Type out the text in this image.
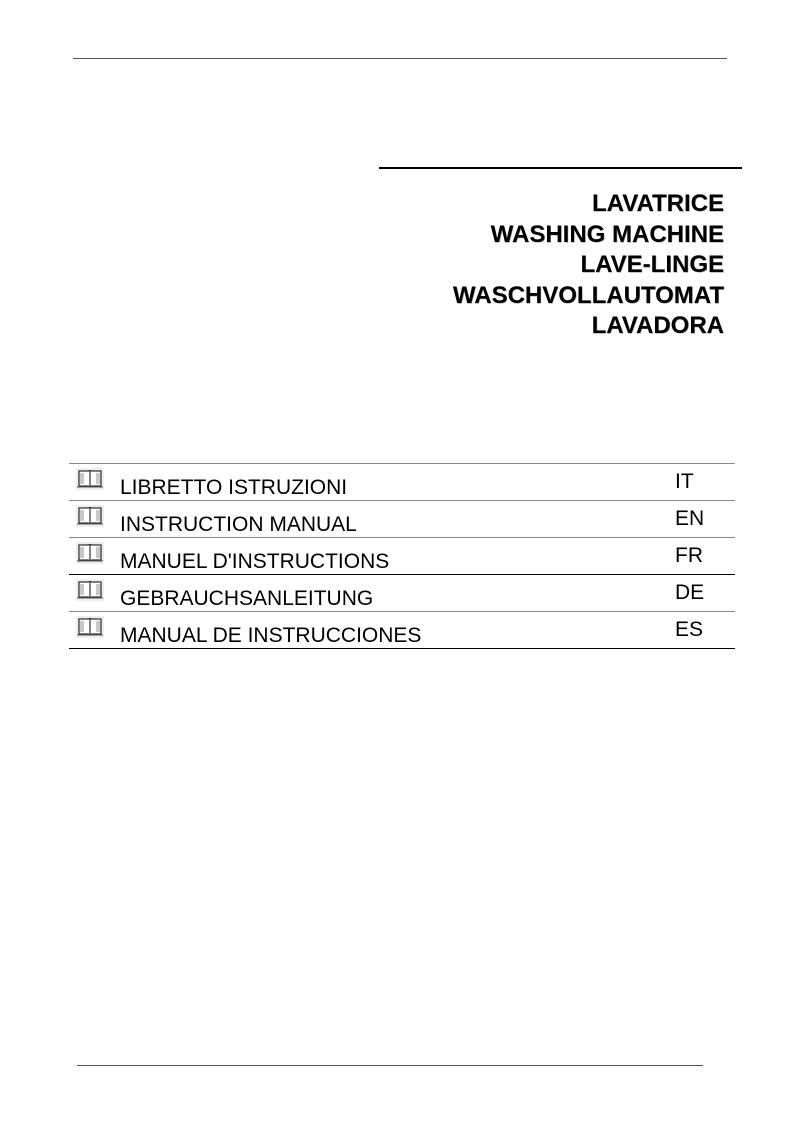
LAVATRICE
WASHING MACHINE
LAVE-LINGE
WASCHVOLLAUTOMAT
LAVADORA
LIBRETTO ISTRUZIONI	IT
INSTRUCTION MANUAL	EN
MANUEL D'INSTRUCTIONS	FR
GEBRAUCHSANLEITUNG	DE
MANUAL DE INSTRUCCIONES	ES
